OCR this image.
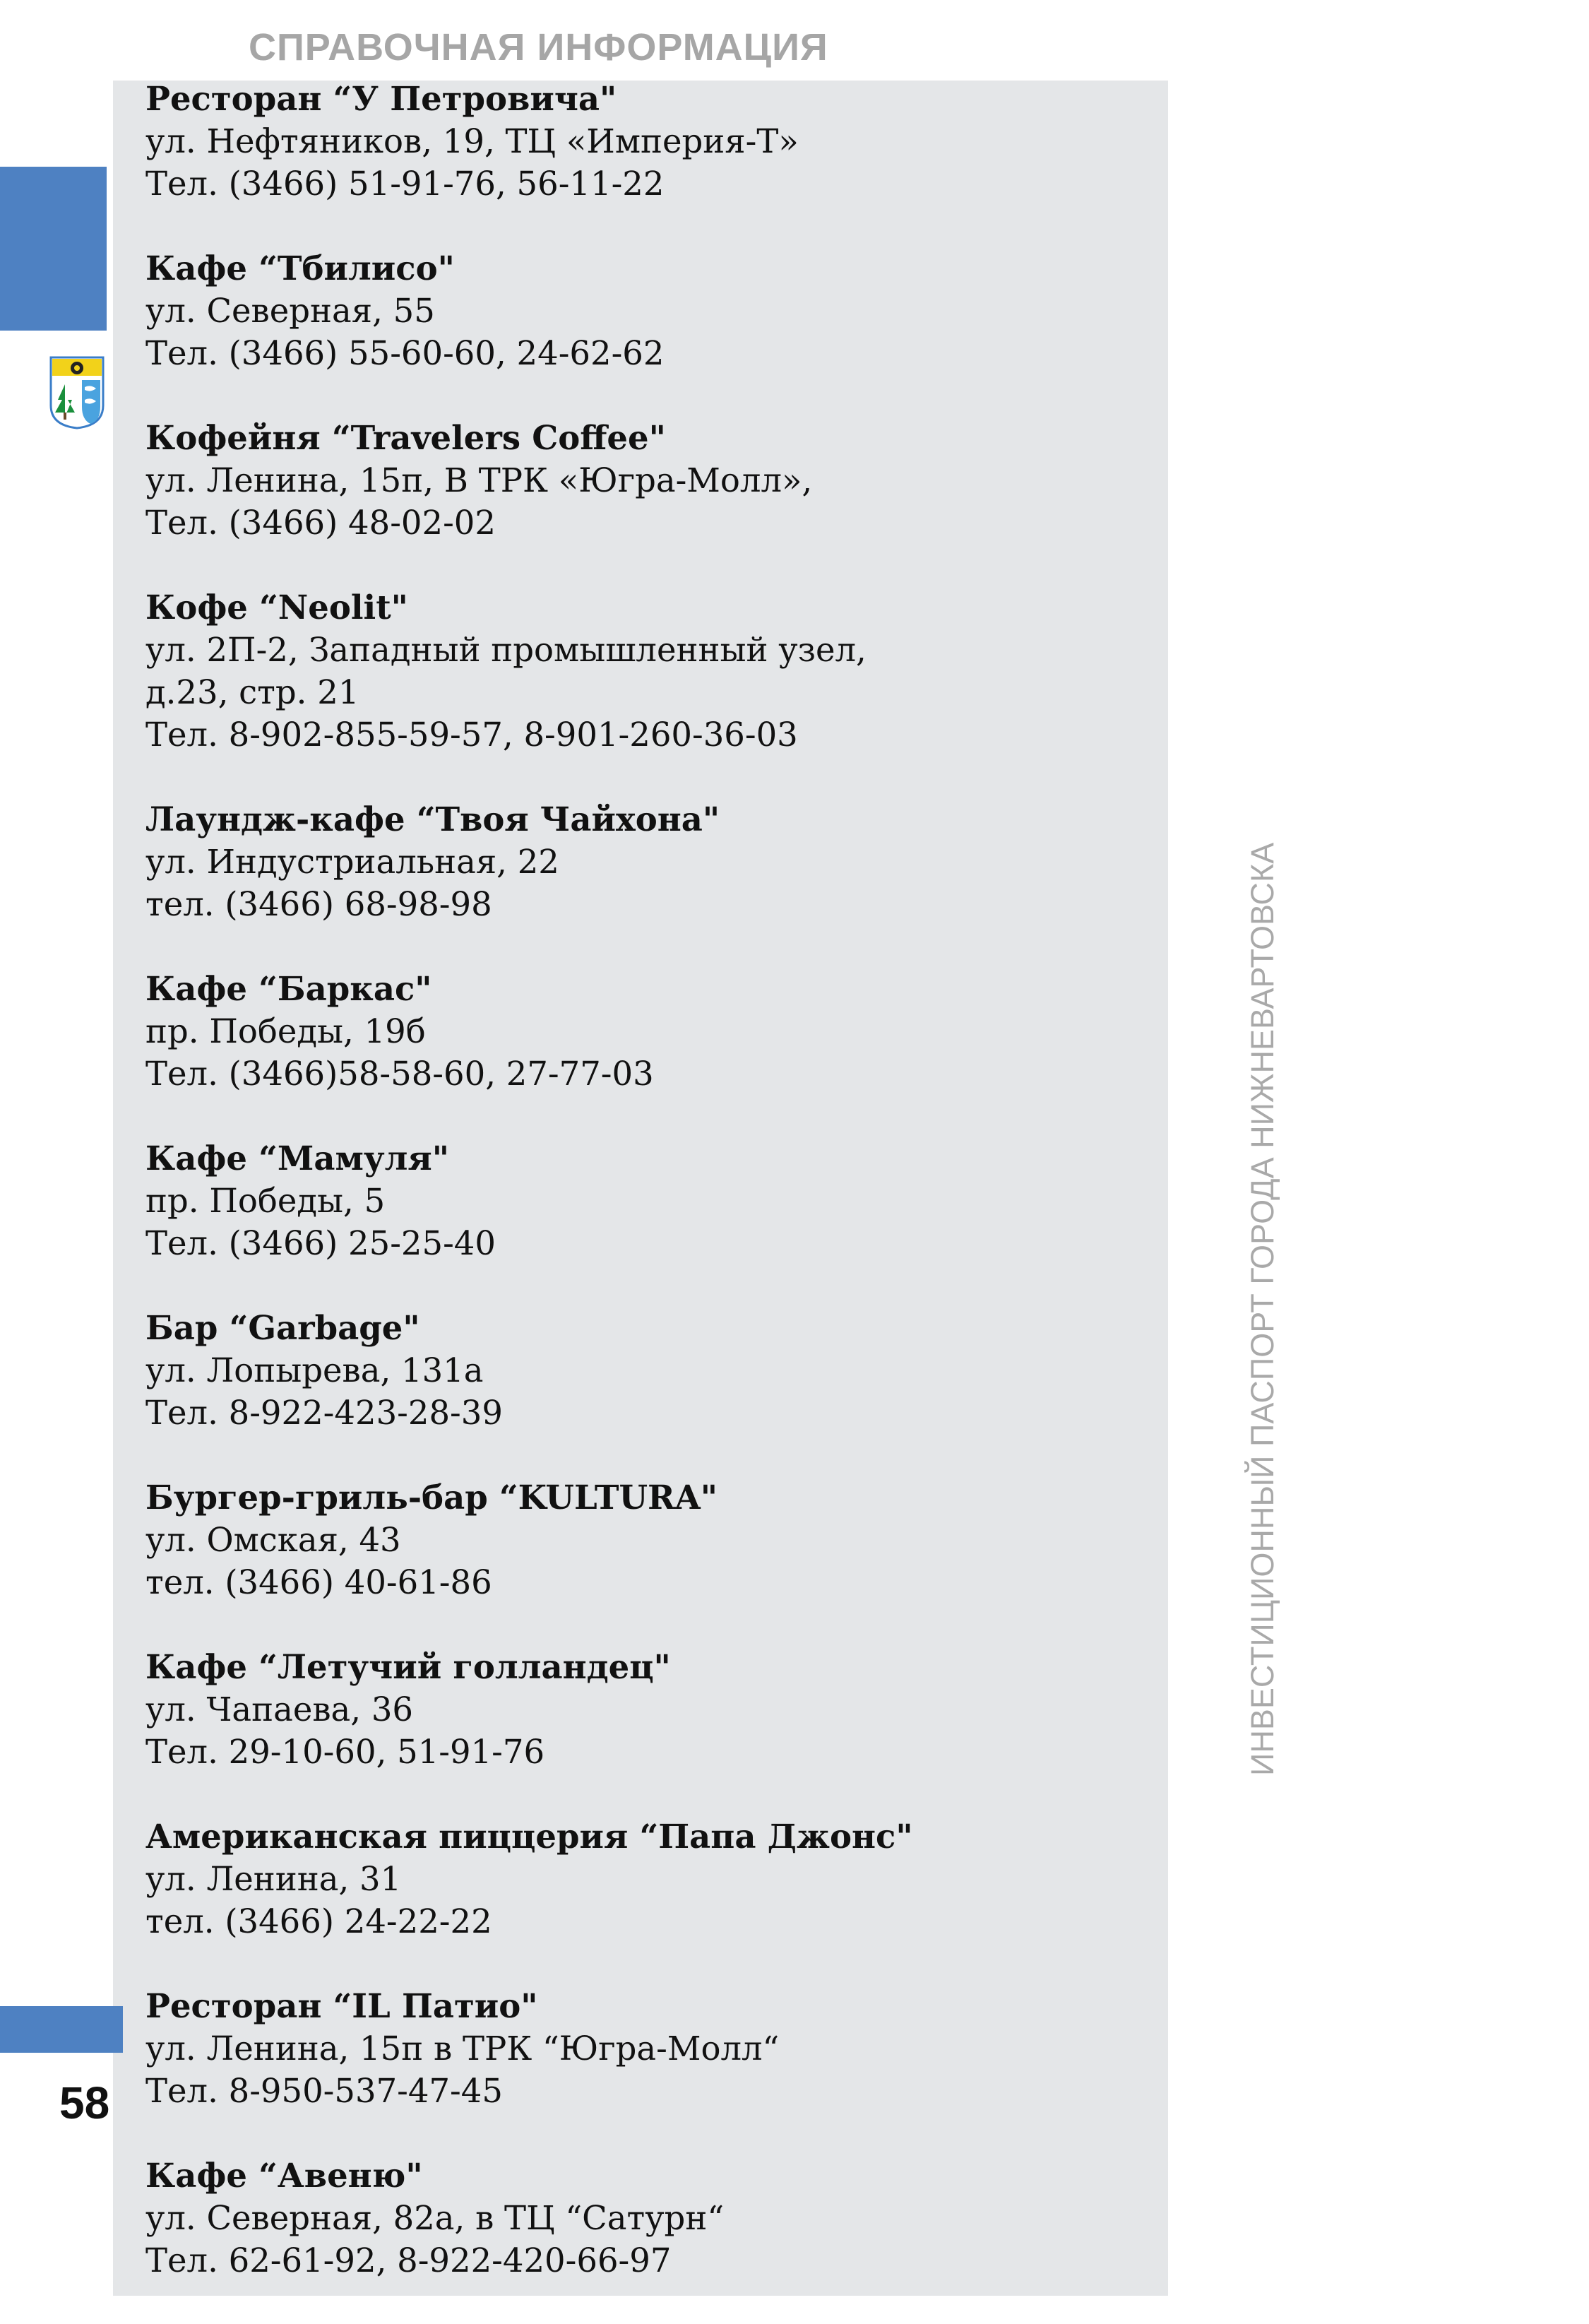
СПРАВОЧНАЯ ИНФОРМАЦИЯ
Ресторан “У Петровича"
ул. Нефтяников, 19, ТЦ «Империя-Т»
Тел. (3466) 51-91-76, 56-11-22
Кафе “Тбилисо"
ул. Северная, 55
Тел. (3466) 55-60-60, 24-62-62
Кофейня “Travelers Coffee"
ул. Ленина, 15п, В ТРК «Югра-Молл»,
Тел. (3466) 48-02-02
Кофе “Neolit"
ул. 2П-2, Западный промышленный узел,
д.23, стр. 21
Тел. 8-902-855-59-57, 8-901-260-36-03
Лаундж-кафе “Твоя Чайхона"
ул. Индустриальная, 22
тел. (3466) 68-98-98
Кафе “Баркас"
пр. Победы, 19б
Тел. (3466)58-58-60, 27-77-03
Кафе “Мамуля"
пр. Победы, 5
Тел. (3466) 25-25-40
Бар “Garbage"
ул. Лопырева, 131а
Тел. 8-922-423-28-39
Бургер-гриль-бар “KULTURA"
ул. Омская, 43
тел. (3466) 40-61-86
Кафе “Летучий голландец"
ул. Чапаева, 36
Тел. 29-10-60, 51-91-76
Американская пиццерия “Папа Джонс"
ул. Ленина, 31
тел. (3466) 24-22-22
Ресторан “IL Патио"
ул. Ленина, 15п в ТРК “Югра-Молл“
Тел. 8-950-537-47-45
Кафе “Авеню"
ул. Северная, 82а, в ТЦ “Сатурн“
Тел. 62-61-92, 8-922-420-66-97
58
ИНВЕСТИЦИОННЫЙ ПАСПОРТ ГОРОДА НИЖНЕВАРТОВСКА
